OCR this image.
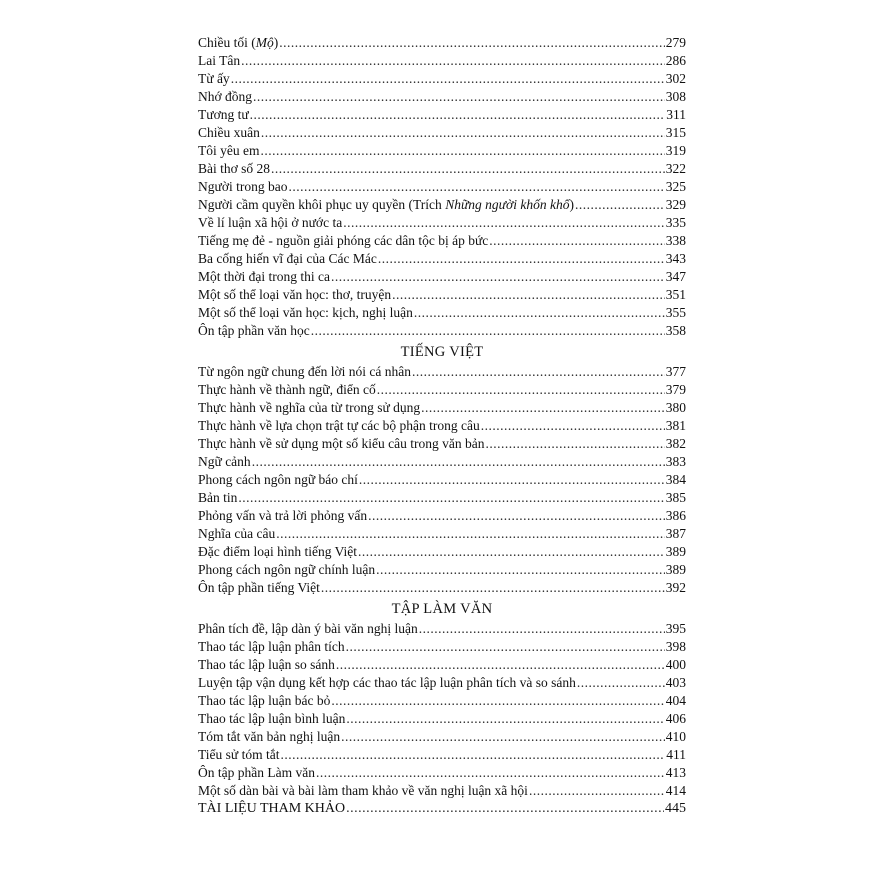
Chiều tối (Mộ) .....	279
Lai Tân .....	286
Từ ấy .....	302
Nhớ đồng .....	308
Tương tư .....	311
Chiều xuân .....	315
Tôi yêu em .....	319
Bài thơ số 28 .....	322
Người trong bao .....	325
Người cầm quyền khôi phục uy quyền (Trích Những người khốn khổ) .....	329
Về lí luận xã hội ở nước ta .....	335
Tiếng mẹ đẻ - nguồn giải phóng các dân tộc bị áp bức .....	338
Ba cống hiến vĩ đại của Các Mác .....	343
Một thời đại trong thi ca .....	347
Một số thể loại văn học: thơ, truyện .....	351
Một số thể loại văn học: kịch, nghị luận .....	355
Ôn tập phần văn học .....	358
TIẾNG VIỆT
Từ ngôn ngữ chung đến lời nói cá nhân .....	377
Thực hành về thành ngữ, điển cố .....	379
Thực hành về nghĩa của từ trong sử dụng .....	380
Thực hành về lựa chọn trật tự các bộ phận trong câu .....	381
Thực hành về sử dụng một số kiểu câu trong văn bản .....	382
Ngữ cảnh .....	383
Phong cách ngôn ngữ báo chí .....	384
Bản tin .....	385
Phỏng vấn và trả lời phỏng vấn .....	386
Nghĩa của câu .....	387
Đặc điểm loại hình tiếng Việt .....	389
Phong cách ngôn ngữ chính luận .....	389
Ôn tập phần tiếng Việt .....	392
TẬP LÀM VĂN
Phân tích đề, lập dàn ý bài văn nghị luận .....	395
Thao tác lập luận phân tích .....	398
Thao tác lập luận so sánh .....	400
Luyện tập vận dụng kết hợp các thao tác lập luận phân tích và so sánh .....	403
Thao tác lập luận bác bỏ .....	404
Thao tác lập luận bình luận .....	406
Tóm tắt văn bản nghị luận .....	410
Tiểu sử tóm tắt .....	411
Ôn tập phần Làm văn .....	413
Một số dàn bài và bài làm tham khảo về văn nghị luận xã hội .....	414
TÀI LIỆU THAM KHẢO .....	445
